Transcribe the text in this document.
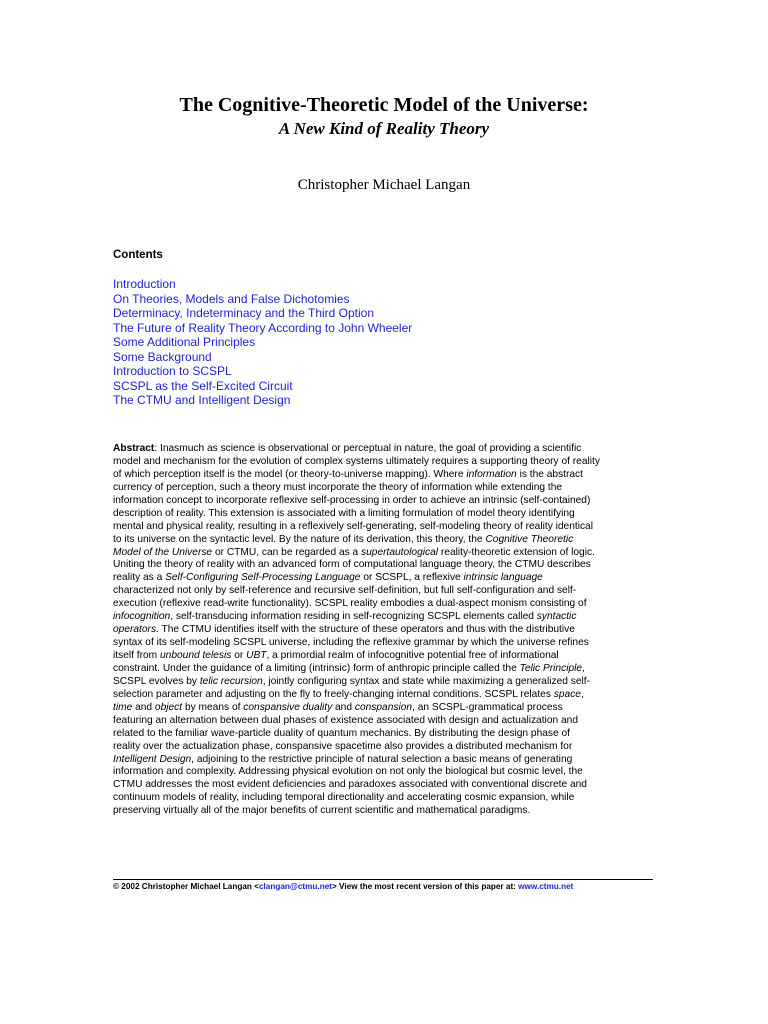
The Cognitive-Theoretic Model of the Universe:
A New Kind of Reality Theory
Christopher Michael Langan
Contents
Introduction
On Theories, Models and False Dichotomies
Determinacy, Indeterminacy and the Third Option
The Future of Reality Theory According to John Wheeler
Some Additional Principles
Some Background
Introduction to SCSPL
SCSPL as the Self-Excited Circuit
The CTMU and Intelligent Design
Abstract: Inasmuch as science is observational or perceptual in nature, the goal of providing a scientific
model and mechanism for the evolution of complex systems ultimately requires a supporting theory of reality
of which perception itself is the model (or theory-to-universe mapping). Where information is the abstract
currency of perception, such a theory must incorporate the theory of information while extending the
information concept to incorporate reflexive self-processing in order to achieve an intrinsic (self-contained)
description of reality. This extension is associated with a limiting formulation of model theory identifying
mental and physical reality, resulting in a reflexively self-generating, self-modeling theory of reality identical
to its universe on the syntactic level. By the nature of its derivation, this theory, the Cognitive Theoretic
Model of the Universe or CTMU, can be regarded as a supertautological reality-theoretic extension of logic.
Uniting the theory of reality with an advanced form of computational language theory, the CTMU describes
reality as a Self-Configuring Self-Processing Language or SCSPL, a reflexive intrinsic language
characterized not only by self-reference and recursive self-definition, but full self-configuration and self-
execution (reflexive read-write functionality). SCSPL reality embodies a dual-aspect monism consisting of
infocognition, self-transducing information residing in self-recognizing SCSPL elements called syntactic
operators. The CTMU identifies itself with the structure of these operators and thus with the distributive
syntax of its self-modeling SCSPL universe, including the reflexive grammar by which the universe refines
itself from unbound telesis or UBT, a primordial realm of infocognitive potential free of informational
constraint. Under the guidance of a limiting (intrinsic) form of anthropic principle called the Telic Principle,
SCSPL evolves by telic recursion, jointly configuring syntax and state while maximizing a generalized self-
selection parameter and adjusting on the fly to freely-changing internal conditions. SCSPL relates space,
time and object by means of conspansive duality and conspansion, an SCSPL-grammatical process
featuring an alternation between dual phases of existence associated with design and actualization and
related to the familiar wave-particle duality of quantum mechanics. By distributing the design phase of
reality over the actualization phase, conspansive spacetime also provides a distributed mechanism for
Intelligent Design, adjoining to the restrictive principle of natural selection a basic means of generating
information and complexity. Addressing physical evolution on not only the biological but cosmic level, the
CTMU addresses the most evident deficiencies and paradoxes associated with conventional discrete and
continuum models of reality, including temporal directionality and accelerating cosmic expansion, while
preserving virtually all of the major benefits of current scientific and mathematical paradigms.
© 2002 Christopher Michael Langan <clangan@ctmu.net> View the most recent version of this paper at: www.ctmu.net
